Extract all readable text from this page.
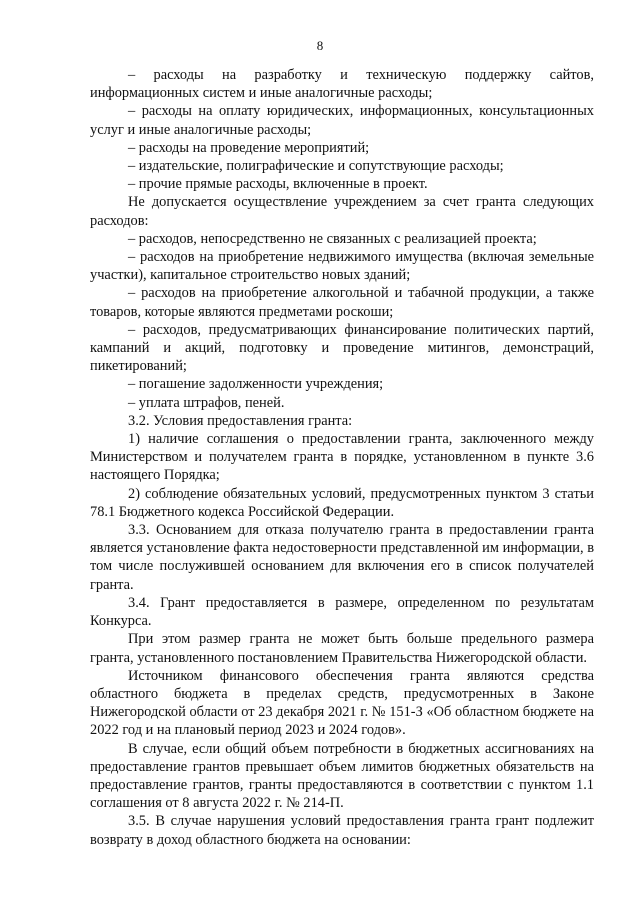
8

– расходы на разработку и техническую поддержку сайтов, информационных систем и иные аналогичные расходы;

– расходы на оплату юридических, информационных, консультационных услуг и иные аналогичные расходы;

– расходы на проведение мероприятий;

– издательские, полиграфические и сопутствующие расходы;

– прочие прямые расходы, включенные в проект.

Не допускается осуществление учреждением за счет гранта следующих расходов:

– расходов, непосредственно не связанных с реализацией проекта;

– расходов на приобретение недвижимого имущества (включая земельные участки), капитальное строительство новых зданий;

– расходов на приобретение алкогольной и табачной продукции, а также товаров, которые являются предметами роскоши;

– расходов, предусматривающих финансирование политических партий, кампаний и акций, подготовку и проведение митингов, демонстраций, пикетирований;

– погашение задолженности учреждения;

– уплата штрафов, пеней.

3.2. Условия предоставления гранта:

1) наличие соглашения о предоставлении гранта, заключенного между Министерством и получателем гранта в порядке, установленном в пункте 3.6 настоящего Порядка;

2) соблюдение обязательных условий, предусмотренных пунктом 3 статьи 78.1 Бюджетного кодекса Российской Федерации.

3.3. Основанием для отказа получателю гранта в предоставлении гранта является установление факта недостоверности представленной им информации, в том числе послужившей основанием для включения его в список получателей гранта.

3.4. Грант предоставляется в размере, определенном по результатам Конкурса.

При этом размер гранта не может быть больше предельного размера гранта, установленного постановлением Правительства Нижегородской области.

Источником финансового обеспечения гранта являются средства областного бюджета в пределах средств, предусмотренных в Законе Нижегородской области от 23 декабря 2021 г. № 151-З «Об областном бюджете на 2022 год и на плановый период 2023 и 2024 годов».

В случае, если общий объем потребности в бюджетных ассигнованиях на предоставление грантов превышает объем лимитов бюджетных обязательств на предоставление грантов, гранты предоставляются в соответствии с пунктом 1.1 соглашения от 8 августа 2022 г. № 214-П.

3.5. В случае нарушения условий предоставления гранта грант подлежит возврату в доход областного бюджета на основании:
